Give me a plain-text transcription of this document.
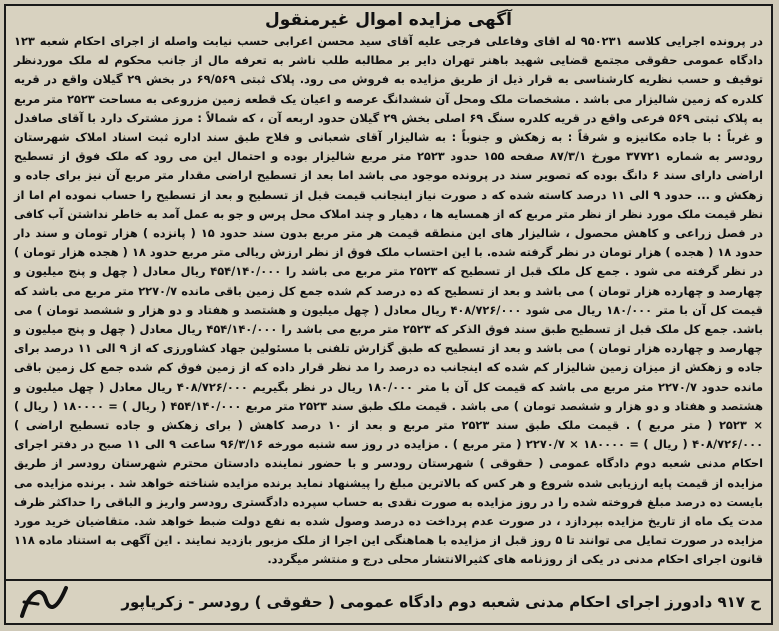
آگهی مزایده اموال غیرمنقول
در پرونده اجرایی کلاسه ۹۵۰۲۳۱ له اقای وفاعلی فرجی علیه آقای سید محسن اعرابی حسب نیابت واصله از اجرای احکام شعبه ۱۲۳ دادگاه عمومی حقوقی مجتمع قضایی شهید باهنر تهران دایر بر مطالبه طلب ناشر به تعرفه مال از جانب محکوم له ملک موردنظر توقیف و حسب نظریه کارشناسی به قرار ذیل از طریق مزایده به فروش می رود. پلاک ثبتی ۶۹/۵۶۹ در بخش ۲۹ گیلان واقع در قریه کلدره که زمین شالیزار می باشد . مشخصات ملک ومحل آن ششدانگ عرصه و اعیان یک قطعه زمین مزروعی به مساحت ۲۵۲۳ متر مربع به پلاک ثبتی ۵۶۹ فرعی واقع در قریه کلدره سنگ ۶۹ اصلی بخش ۲۹ گیلان حدود اربعه آن ، که شمالاً : مرز مشترک دارد با آقای صافدل و غرباً : با جاده مکانیزه و شرقاً : به زهکش و جنوباً : به شالیزار آقای شعبانی و فلاح طبق سند اداره ثبت اسناد املاک شهرستان رودسر به شماره ۳۷۷۲۱ مورخ ۸۷/۳/۱ صفحه ۱۵۵ حدود ۲۵۲۳ متر مربع شالیزار بوده و احتمال این می رود که ملک فوق از تسطیح اراضی دارای سند ۶ دانگ بوده که تصویر سند در پرونده موجود می باشد اما بعد از تسطیح اراضی مقدار متر مربع آن نیز برای جاده و زهکش و ... حدود ۹ الی ۱۱ درصد کاسته شده که د صورت نیاز اینجانب قیمت قبل از تسطیح و بعد از تسطیح را حساب نموده ام اما از نظر قیمت ملک مورد نظر از نظر متر مربع که از همسایه ها ، دهیار و چند املاک محل پرس و جو به عمل آمد به خاطر نداشتن آب کافی در فصل زراعی و کاهش محصول ، شالیزار های این منطقه قیمت هر متر مربع بدون سند حدود ۱۵ ( پانزده ) هزار تومان و سند دار حدود ۱۸ ( هجده ) هزار تومان در نظر گرفته شده. با این احتساب ملک فوق از نظر ارزش ریالی متر مربع حدود ۱۸ ( هجده هزار تومان ) در نظر گرفته می شود . جمع کل ملک قبل از تسطیح که ۲۵۲۳ متر مربع می باشد را ۴۵۴/۱۴۰/۰۰۰ ریال معادل ( چهل و پنج میلیون و چهارصد و چهارده هزار تومان ) می باشد و بعد از تسطیح که ده درصد کم شده جمع کل زمین باقی مانده ۲۲۷۰/۷ متر مربع می باشد که قیمت کل آن با متر ۱۸۰/۰۰۰ ریال می شود ۴۰۸/۷۲۶/۰۰۰ ریال معادل ( چهل میلیون و هشتصد و هفتاد و دو هزار و ششصد تومان ) می باشد. جمع کل ملک قبل از تسطیح طبق سند فوق الذکر که ۲۵۲۳ متر مربع می باشد را ۴۵۴/۱۴۰/۰۰۰ ریال معادل ( چهل و پنج میلیون و چهارصد و چهارده هزار تومان ) می باشد و بعد از تسطیح که طبق گزارش تلفنی با مسئولین جهاد کشاورزی که از ۹ الی ۱۱ درصد برای جاده و زهکش از میزان زمین شالیزار کم شده که اینجانب ده درصد را مد نظر قرار داده که از زمین فوق کم شده جمع کل زمین باقی مانده حدود ۲۲۷۰/۷ متر مربع می باشد که قیمت کل آن با متر ۱۸۰/۰۰۰ ریال در نظر بگیریم ۴۰۸/۷۲۶/۰۰۰ ریال معادل ( چهل میلیون و هشتصد و هفتاد و دو هزار و ششصد تومان ) می باشد . قیمت ملک طبق سند ۲۵۲۳ متر مربع ۴۵۴/۱۴۰/۰۰۰ ( ریال ) = ۱۸۰۰۰۰ ( ریال ) × ۲۵۲۳ ( متر مربع ) . قیمت ملک طبق سند ۲۵۲۳ متر مربع و بعد از ۱۰ درصد کاهش ( برای زهکش و جاده تسطیح اراضی ) ۴۰۸/۷۲۶/۰۰۰ ( ریال ) = ۱۸۰۰۰۰ × ۲۲۷۰/۷ ( متر مربع ) . مزایده در روز سه شنبه مورخه ۹۶/۳/۱۶ ساعت ۹ الی ۱۱ صبح در دفتر اجرای احکام مدنی شعبه دوم دادگاه عمومی ( حقوقی ) شهرستان رودسر و با حضور نماینده دادستان محترم شهرستان رودسر از طریق مزایده از قیمت پایه ارزیابی شده شروع و هر کس که بالاترین مبلغ را پیشنهاد نماید برنده مزایده شناخته خواهد شد . برنده مزایده می بایست ده درصد مبلغ فروخته شده را در روز مزایده به صورت نقدی به حساب سپرده دادگستری رودسر واریز و الباقی را حداکثر ظرف مدت یک ماه از تاریخ مزایده بپردازد ، در صورت عدم پرداخت ده درصد وصول شده به نفع دولت ضبط خواهد شد. متقاضیان خرید مورد مزایده در صورت تمایل می توانند تا ۵ روز قبل از مزایده با هماهنگی این اجرا از ملک مزبور بازدید نمایند . این آگهی به استناد ماده ۱۱۸ قانون اجرای احکام مدنی در یکی از روزنامه های کثیرالانتشار محلی درج و منتشر میگردد.
ح ۹۱۷ دادورز اجرای احکام مدنی شعبه دوم دادگاه عمومی ( حقوقی ) رودسر - زکریاپور
